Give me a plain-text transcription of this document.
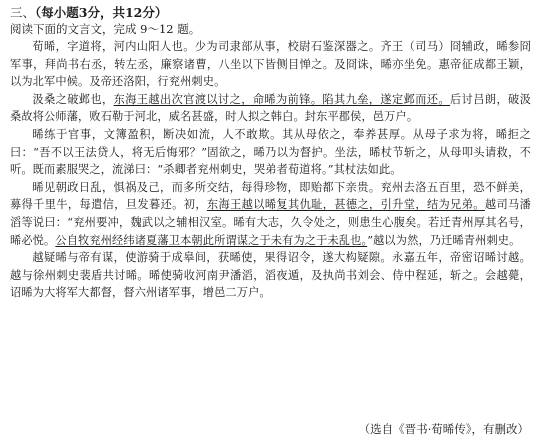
三、（每小题3分，共12分）
阅读下面的文言文，完成 9～12 题。

荀晞，字道将，河内山阳人也。少为司隶部从事，校尉石鉴深器之。齐王（司马）冏辅政，晞参冏军事，拜尚书右丞，转左丞，廉察诸曹，八坐以下皆侧目惮之。及冏诛，晞亦坐免。惠帝征成都王颖，以为北军中候。及帝还洛阳，行兖州刺史。

汲桑之破邺也，东海王越出次官渡以讨之，命晞为前锋。陷其九垒，遂定邺而还。后讨吕朗，破汲桑故将公师藩，败石勒于河北，威名甚盛，时人拟之韩白。封东平郡侯，邑万户。

晞练于官事，文簿盈积，断决如流，人不敢欺。其从母依之，奉养甚厚。从母子求为将，晞拒之曰：“吾不以王法贷人，将无后悔邪？”固欲之，晞乃以为督护。坐法，晞杖节斩之，从母叩头请救，不听。既而素服哭之，流涕曰：“杀卿者兖州刺史，哭弟者荀道将。”其杖法如此。

晞见朝政日乱，惧祸及己，而多所交结，每得珍物，即贻都下亲贵。兖州去洛五百里，恐不鲜美，募得千里牛，每遣信，旦发暮还。初，东海王越以晞复其仇耻，甚德之，引升堂，结为兄弟。越司马潘滔等说曰：“兖州要冲，魏武以之辅相汉室。晞有大志，久令处之，则患生心腹矣。若迁青州厚其名号，晞必悦。公自牧兖州经纬诸夏藩卫本朝此所谓谋之于未有为之于未乱也。”越以为然，乃迁晞青州刺史。

越疑晞与帝有谋，使游骑于成皋间，获晞使，果得诏令，遂大构疑隙。永嘉五年，帝密诏晞讨越。越与徐州刺史裴盾共讨晞。晞使骑收河南尹潘滔，滔夜遁，及执尚书刘会、侍中程延，斩之。会越薨，诏晞为大将军大都督，督六州诸军事，增邑二万户。

（选自《晋书·荀晞传》，有删改）
